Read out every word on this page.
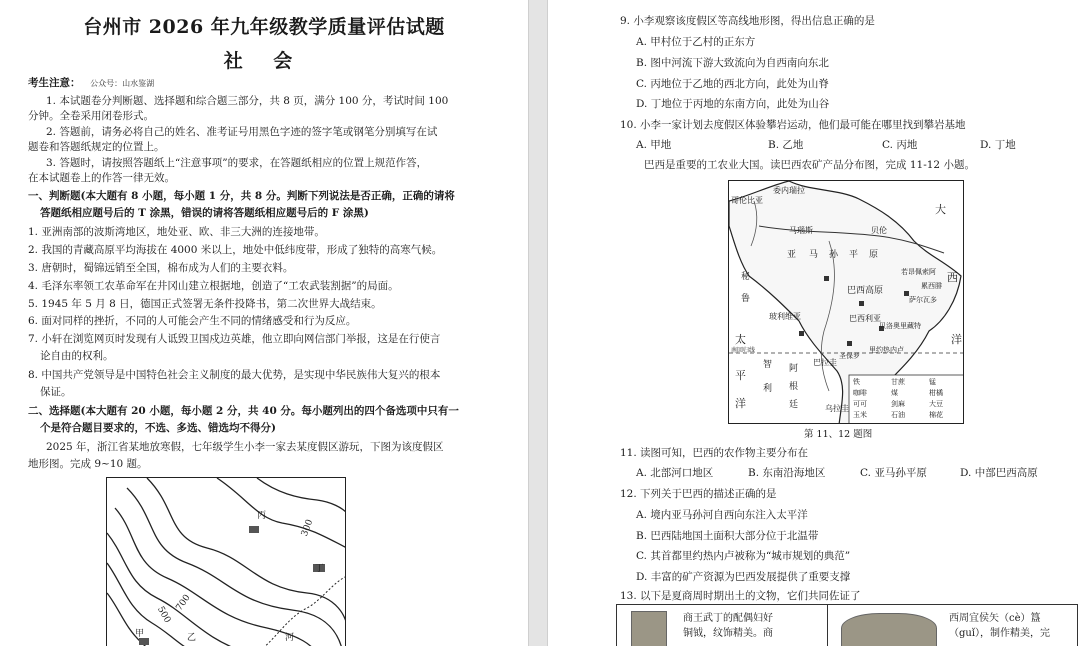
台州市 2026 年九年级教学质量评估试题
社 会
考生注意： 公众号：山水鉴湖
1. 本试题卷分判断题、选择题和综合题三部分，共 8 页，满分 100 分，考试时间 100
分钟。全卷采用闭卷形式。
2. 答题前，请务必将自己的姓名、准考证号用黑色字迹的签字笔或钢笔分别填写在试
题卷和答题纸规定的位置上。
3. 答题时，请按照答题纸上“注意事项”的要求，在答题纸相应的位置上规范作答，
在本试题卷上的作答一律无效。
一、判断题(本大题有 8 小题，每小题 1 分，共 8 分。判断下列说法是否正确，正确的请将
答题纸相应题号后的 T 涂黑，错误的请将答题纸相应题号后的 F 涂黑)
1. 亚洲南部的波斯湾地区，地处亚、欧、非三大洲的连接地带。
2. 我国的青藏高原平均海拔在 4000 米以上，地处中低纬度带，形成了独特的高寒气候。
3. 唐朝时，蜀锦远销至全国，棉布成为人们的主要衣料。
4. 毛泽东率领工农革命军在井冈山建立根据地，创造了“工农武装割据”的局面。
5. 1945 年 5 月 8 日，德国正式签署无条件投降书，第二次世界大战结束。
6. 面对同样的挫折，不同的人可能会产生不同的情绪感受和行为反应。
7. 小轩在浏览网页时发现有人诋毁卫国戍边英雄，他立即向网信部门举报，这是在行使言
论自由的权利。
8. 中国共产党领导是中国特色社会主义制度的最大优势，是实现中华民族伟大复兴的根本
保证。
二、选择题(本大题有 20 小题，每小题 2 分，共 40 分。每小题列出的四个备选项中只有一
个是符合题目要求的，不选、多选、错选均不得分)
2025 年，浙江省某地放寒假，七年级学生小李一家去某度假区游玩，下图为该度假区
地形图。完成 9~10 题。
丙
300
丁
700
500
甲	乙	河
9. 小李观察该度假区等高线地形图，得出信息正确的是
A. 甲村位于乙村的正东方
B. 图中河流下游大致流向为自西南向东北
C. 丙地位于乙地的西北方向，此处为山脊
D. 丁地位于丙地的东南方向，此处为山谷
10. 小李一家计划去度假区体验攀岩运动，他们最可能在哪里找到攀岩基地
A. 甲地	B. 乙地	C. 丙地	D. 丁地
巴西是重要的工农业大国。读巴西农矿产品分布图，完成 11-12 小题。
哥伦比亚
委内瑞拉
大
马瑙斯
亚 马 孙 平 原
贝伦
西
秘
鲁
巴西高原
若昂佩索阿
累西腓
萨尔瓦多
玻利维亚	巴西利亚
贝洛奥里藏特
里约热内卢
太
平
洋
智
利
阿
根
廷
巴拉圭
圣保罗
南回归线
乌拉圭
洋
铁	甘蔗	锰
咖啡	煤	柑橘
可可	剑麻	大豆
玉米	石油	棉花
第 11、12 题图
11. 读图可知，巴西的农作物主要分布在
A. 北部河口地区	B. 东南沿海地区	C. 亚马孙平原	D. 中部巴西高原
12. 下列关于巴西的描述正确的是
A. 境内亚马孙河自西向东注入太平洋
B. 巴西陆地国土面积大部分位于北温带
C. 其首都里约热内卢被称为“城市规划的典范”
D. 丰富的矿产资源为巴西发展提供了重要支撑
13. 以下是夏商周时期出土的文物，它们共同佐证了
商王武丁的配偶妇好
铜钺，纹饰精美。商
西周宜侯矢（cè）簋
（guǐ），制作精美，完
